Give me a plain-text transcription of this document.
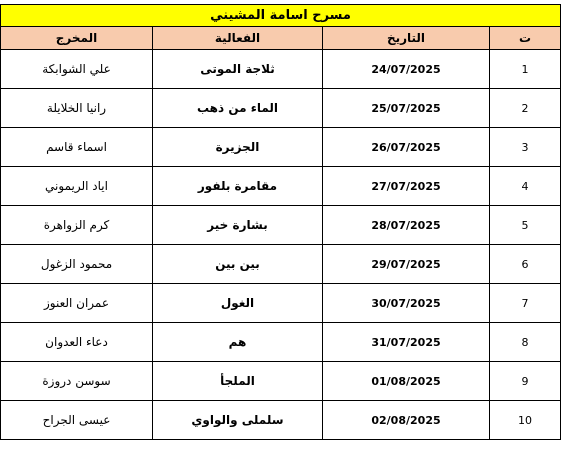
مسرح اسامة المشيني			
المخرج	الفعالية	التاريخ	ت
علي الشوابكة	ثلاجة الموتى	24/07/2025	1
رانيا الخلايلة	الماء من ذهب	25/07/2025	2
اسماء قاسم	الجزيرة	26/07/2025	3
اياد الريموني	مقامرة بلفور	27/07/2025	4
كرم الزواهرة	بشارة خير	28/07/2025	5
محمود الزغول	بين بين	29/07/2025	6
عمران العنوز	الغول	30/07/2025	7
دعاء العدوان	هم	31/07/2025	8
سوسن دروزة	الملجأ	01/08/2025	9
عيسى الجراح	سلملى والواوي	02/08/2025	10
